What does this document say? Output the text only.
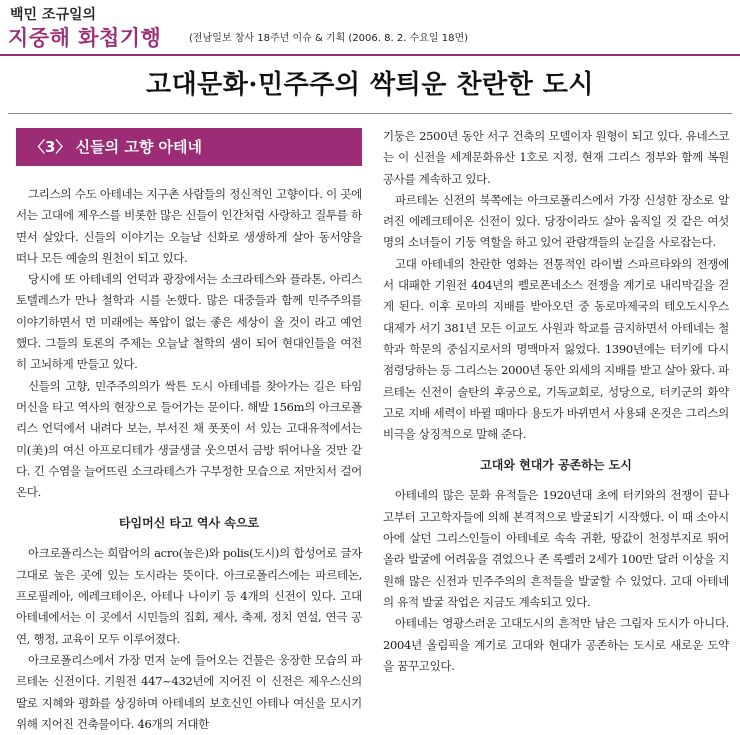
백민 조규일의
지중해 화첩기행	(전남일보 창사 18주년 이슈 & 기획 (2006. 8. 2. 수요일 18면)
고대문화·민주주의 싹틔운 찬란한 도시
〈3〉 신들의 고향 아테네

그리스의 수도 아테네는 지구촌 사람들의 정신적인 고향이다. 이 곳에서는 고대에 제우스를 비롯한 많은 신들이 인간처럼 사랑하고 질투를 하면서 살았다. 신들의 이야기는 오늘날 신화로 생생하게 살아 동서양을 떠나 모든 예술의 원천이 되고 있다.

당시에 또 아테네의 언덕과 광장에서는 소크라테스와 플라톤, 아리스토텔레스가 만나 철학과 시를 논했다. 많은 대중들과 함께 민주주의를 이야기하면서 먼 미래에는 폭압이 없는 좋은 세상이 올 것이 라고 예언했다. 그들의 토론의 주제는 오늘날 철학의 샘이 되어 현대인들을 여전히 고뇌하게 만들고 있다.

신들의 고향, 민주주의의가 싹튼 도시 아테네를 찾아가는 길은 타임 머신을 타고 역사의 현장으로 들어가는 문이다. 해발 156m의 아크로폴리스 언덕에서 내려다 보는, 부서진 채 폿폿이 서 있는 고대유적에서는 미(美)의 여신 아프로디테가 생글생글 웃으면서 금방 뛰어나올 것만 같다. 긴 수염을 늘어뜨린 소크라테스가 구부정한 모습으로 저만치서 걸어 온다.

타임머신 타고 역사 속으로

아크로폴리스는 희랍어의 acro(높은)와 polis(도시)의 합성어로 글자 그대로 높은 곳에 있는 도시라는 뜻이다. 아크로폴리스에는 파르테논, 프로필레아, 에레크테이온, 아테나 나이키 등 4개의 신전이 있다. 고대 아테네에서는 이 곳에서 시민들의 집회, 제사, 축제, 정치 연설, 연극 공연, 행정, 교육이 모두 이루어졌다.

아크로폴리스에서 가장 먼저 눈에 들어오는 건물은 웅장한 모습의 파르테논 신전이다. 기원전 447~432년에 지어진 이 신전은 제우스신의 딸로 지혜와 평화를 상징하며 아테네의 보호신인 아테나 여신을 모시기 위해 지어진 건축물이다. 46개의 거대한

기둥은 2500년 동안 서구 건축의 모델이자 원형이 되고 있다. 유네스코는 이 신전을 세계문화유산 1호로 지정, 현재 그리스 정부와 함께 복원 공사를 계속하고 있다.

파르테논 신전의 북쪽에는 아크로폴리스에서 가장 신성한 장소로 알려진 에레크테이온 신전이 있다. 당장이라도 살아 움직일 것 같은 여섯 명의 소녀들이 기둥 역할을 하고 있어 관람객들의 눈길을 사로잡는다.

고대 아테네의 찬란한 영화는 전통적인 라이벌 스파르타와의 전쟁에서 대패한 기원전 404년의 펠로폰네소스 전쟁을 계기로 내리막길을 걷게 된다. 이후 로마의 지배를 받아오던 중 동로마제국의 테오도시우스 대제가 서기 381년 모든 이교도 사원과 학교를 금지하면서 아테네는 철학과 학문의 중심지로서의 명맥마저 잃었다. 1390년에는 터키에 다시 점령당하는 등 그리스는 2000년 동안 외세의 지배를 받고 살아 왔다. 파르테논 신전이 술탄의 후궁으로, 기독교회로, 성당으로, 터키군의 화약고로 지배 세력이 바뀔 때마다 용도가 바뀌면서 사용돼 온것은 그리스의 비극을 상징적으로 말해 준다.

고대와 현대가 공존하는 도시

아테네의 많은 문화 유적들은 1920년대 초에 터키와의 전쟁이 끝나고부터 고고학자들에 의해 본격적으로 발굴되기 시작했다. 이 때 소아시아에 살던 그리스인들이 아테네로 속속 귀환, 땅값이 천정부지로 뛰어 올라 발굴에 어려움을 겪었으나 존 록펠러 2세가 100만 달러 이상을 지원해 많은 신전과 민주주의의 흔적들을 발굴할 수 있었다. 고대 아테네의 유적 발굴 작업은 지금도 계속되고 있다.

아테네는 영광스러운 고대도시의 흔적만 남은 그림자 도시가 아니다. 2004년 올림픽을 계기로 고대와 현대가 공존하는 도시로 새로운 도약을 꿈꾸고있다.
